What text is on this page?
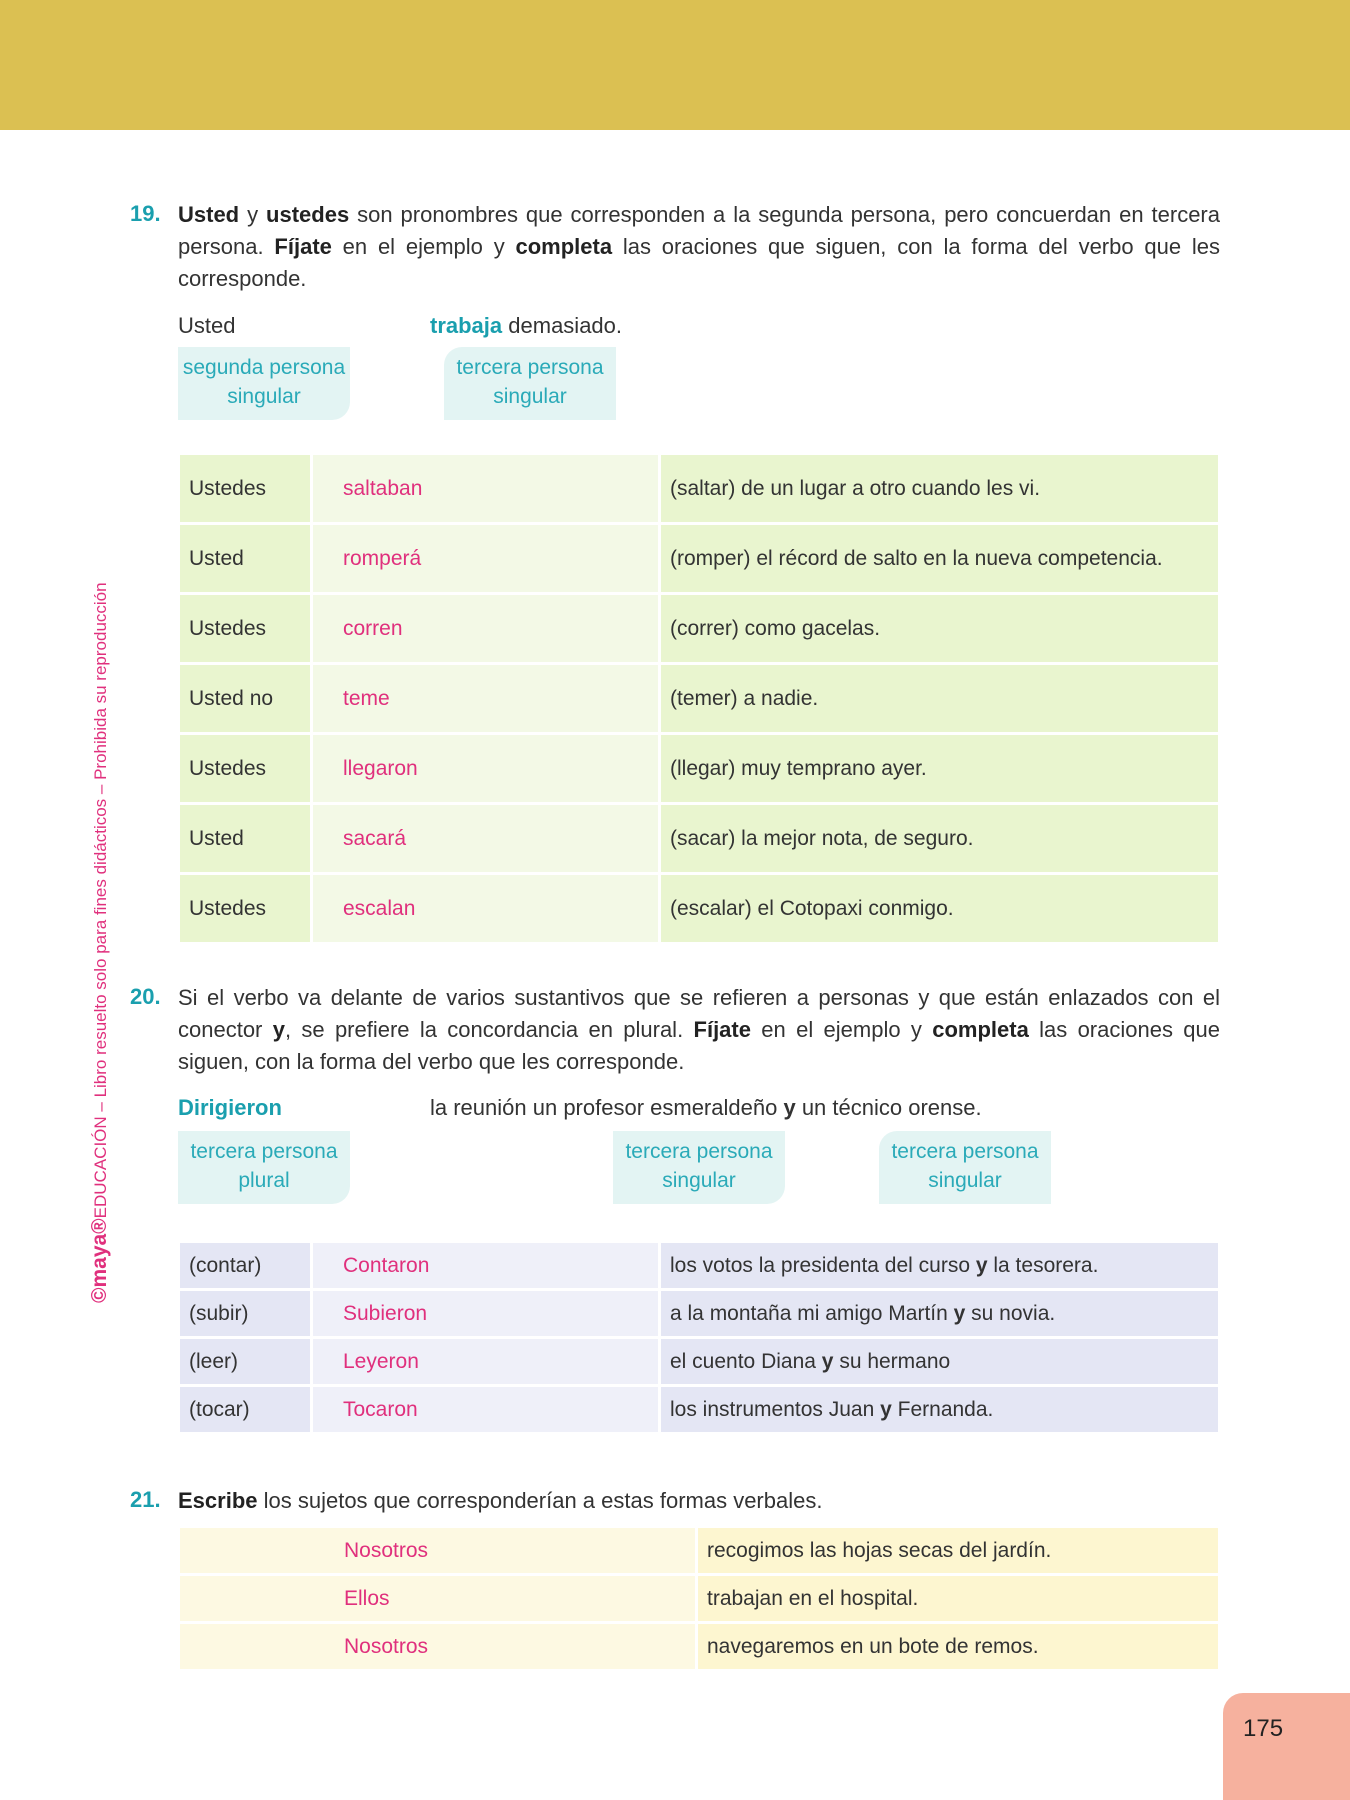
©maya®EDUCACIÓN – Libro resuelto solo para fines didácticos – Prohibida su reproducción
19. Usted y ustedes son pronombres que corresponden a la segunda persona, pero concuerdan en tercera persona. Fíjate en el ejemplo y completa las oraciones que siguen, con la forma del verbo que les corresponde.
Usted	trabaja demasiado.
segunda persona
singular
tercera persona
singular
Ustedes	saltaban	(saltar) de un lugar a otro cuando les vi.
Usted	romperá	(romper) el récord de salto en la nueva competencia.
Ustedes	corren	(correr) como gacelas.
Usted no	teme	(temer) a nadie.
Ustedes	llegaron	(llegar) muy temprano ayer.
Usted	sacará	(sacar) la mejor nota, de seguro.
Ustedes	escalan	(escalar) el Cotopaxi conmigo.
20. Si el verbo va delante de varios sustantivos que se refieren a personas y que están enlazados con el conector y, se prefiere la concordancia en plural. Fíjate en el ejemplo y completa las oraciones que siguen, con la forma del verbo que les corresponde.
Dirigieron	la reunión un profesor esmeraldeño y un técnico orense.
tercera persona
plural
tercera persona
singular
tercera persona
singular
(contar)	Contaron	los votos la presidenta del curso y la tesorera.
(subir)	Subieron	a la montaña mi amigo Martín y su novia.
(leer)	Leyeron	el cuento Diana y su hermano
(tocar)	Tocaron	los instrumentos Juan y Fernanda.
21. Escribe los sujetos que corresponderían a estas formas verbales.
Nosotros	recogimos las hojas secas del jardín.
Ellos	trabajan en el hospital.
Nosotros	navegaremos en un bote de remos.
175
